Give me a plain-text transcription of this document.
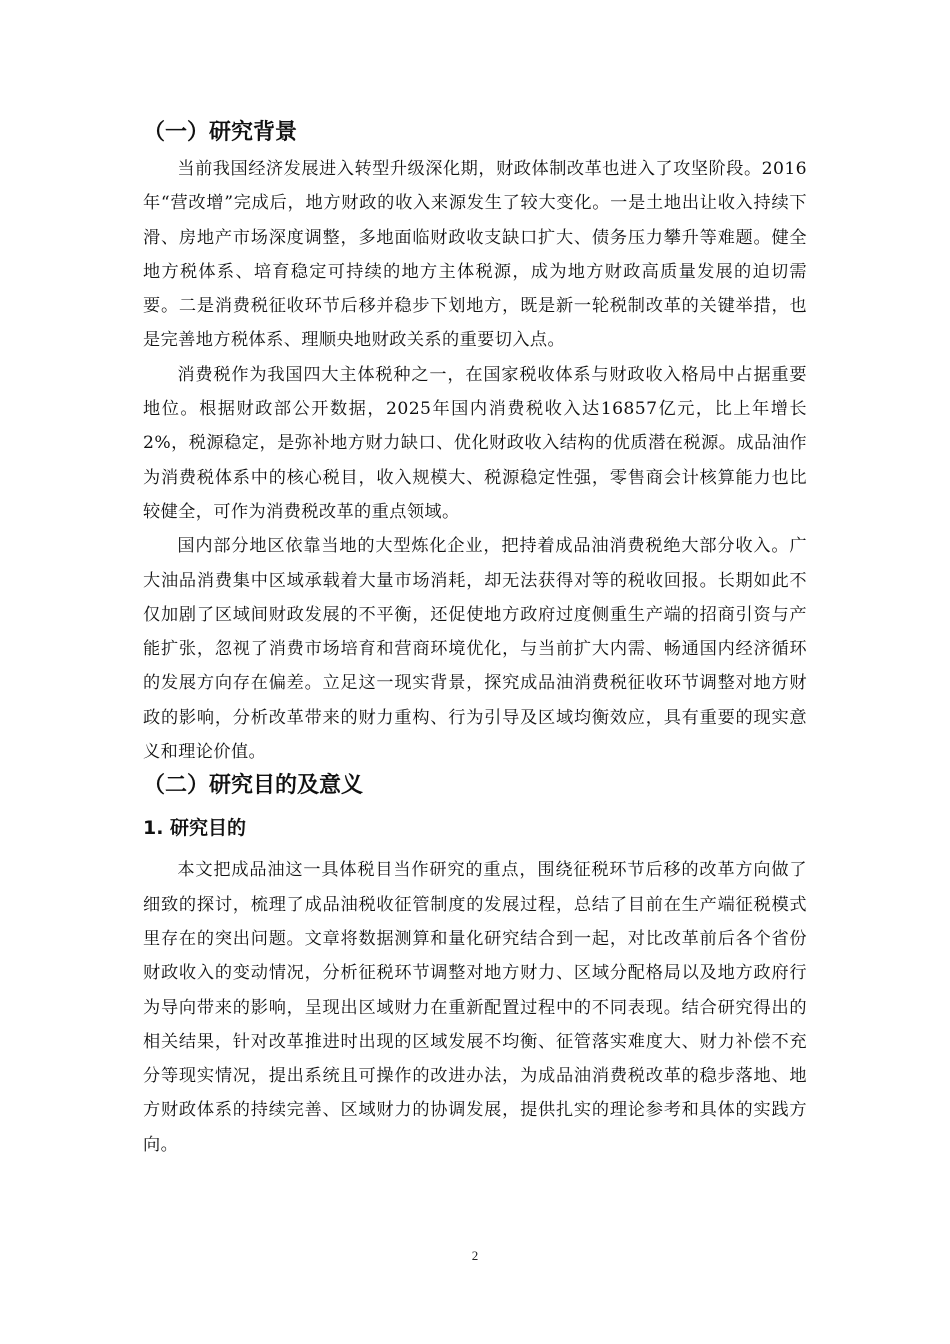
（一）研究背景

当前我国经济发展进入转型升级深化期，财政体制改革也进入了攻坚阶段。2016年“营改增”完成后，地方财政的收入来源发生了较大变化。一是土地出让收入持续下滑、房地产市场深度调整，多地面临财政收支缺口扩大、债务压力攀升等难题。健全地方税体系、培育稳定可持续的地方主体税源，成为地方财政高质量发展的迫切需要。二是消费税征收环节后移并稳步下划地方，既是新一轮税制改革的关键举措，也是完善地方税体系、理顺央地财政关系的重要切入点。

消费税作为我国四大主体税种之一，在国家税收体系与财政收入格局中占据重要地位。根据财政部公开数据，2025年国内消费税收入达16857亿元，比上年增长2%，税源稳定，是弥补地方财力缺口、优化财政收入结构的优质潜在税源。成品油作为消费税体系中的核心税目，收入规模大、税源稳定性强，零售商会计核算能力也比较健全，可作为消费税改革的重点领域。

国内部分地区依靠当地的大型炼化企业，把持着成品油消费税绝大部分收入。广大油品消费集中区域承载着大量市场消耗，却无法获得对等的税收回报。长期如此不仅加剧了区域间财政发展的不平衡，还促使地方政府过度侧重生产端的招商引资与产能扩张，忽视了消费市场培育和营商环境优化，与当前扩大内需、畅通国内经济循环的发展方向存在偏差。立足这一现实背景，探究成品油消费税征收环节调整对地方财政的影响，分析改革带来的财力重构、行为引导及区域均衡效应，具有重要的现实意义和理论价值。

（二）研究目的及意义
1. 研究目的

本文把成品油这一具体税目当作研究的重点，围绕征税环节后移的改革方向做了细致的探讨，梳理了成品油税收征管制度的发展过程，总结了目前在生产端征税模式里存在的突出问题。文章将数据测算和量化研究结合到一起，对比改革前后各个省份财政收入的变动情况，分析征税环节调整对地方财力、区域分配格局以及地方政府行为导向带来的影响，呈现出区域财力在重新配置过程中的不同表现。结合研究得出的相关结果，针对改革推进时出现的区域发展不均衡、征管落实难度大、财力补偿不充分等现实情况，提出系统且可操作的改进办法，为成品油消费税改革的稳步落地、地方财政体系的持续完善、区域财力的协调发展，提供扎实的理论参考和具体的实践方向。

2
